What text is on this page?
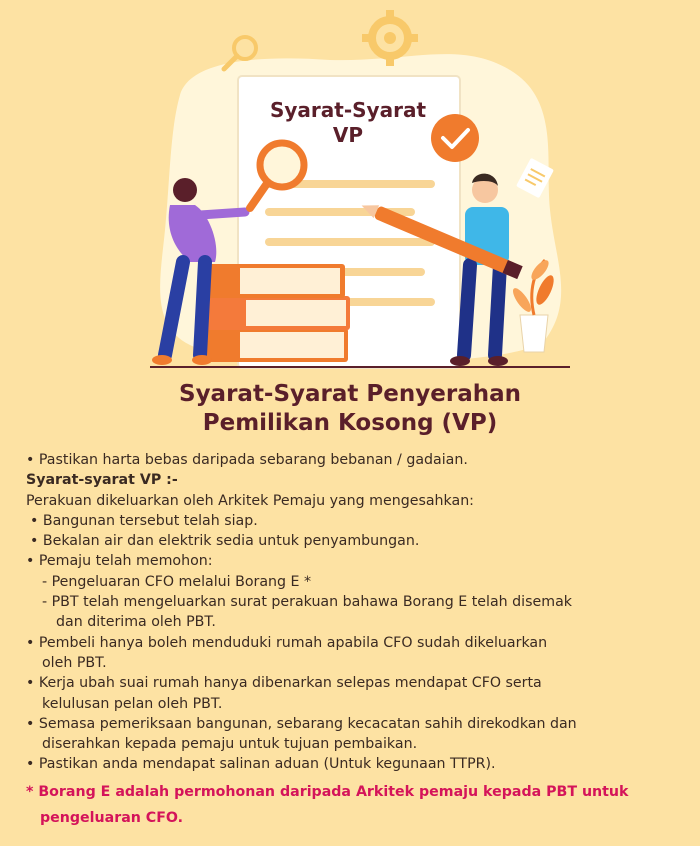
Syarat-Syarat
VP
Syarat-Syarat Penyerahan
Pemilikan Kosong (VP)
• Pastikan harta bebas daripada sebarang bebanan / gadaian.
Syarat-syarat VP :-
Perakuan dikeluarkan oleh Arkitek Pemaju yang mengesahkan:
• Bangunan tersebut telah siap.
• Bekalan air dan elektrik sedia untuk penyambungan.
• Pemaju telah memohon:
- Pengeluaran CFO melalui Borang E *
- PBT telah mengeluarkan surat perakuan bahawa Borang E telah disemak
dan diterima oleh PBT.
• Pembeli hanya boleh menduduki rumah apabila CFO sudah dikeluarkan
oleh PBT.
• Kerja ubah suai rumah hanya dibenarkan selepas mendapat CFO serta
kelulusan pelan oleh PBT.
• Semasa pemeriksaan bangunan, sebarang kecacatan sahih direkodkan dan
diserahkan kepada pemaju untuk tujuan pembaikan.
• Pastikan anda mendapat salinan aduan (Untuk kegunaan TTPR).
* Borang E adalah permohonan daripada Arkitek pemaju kepada PBT untuk
pengeluaran CFO.
